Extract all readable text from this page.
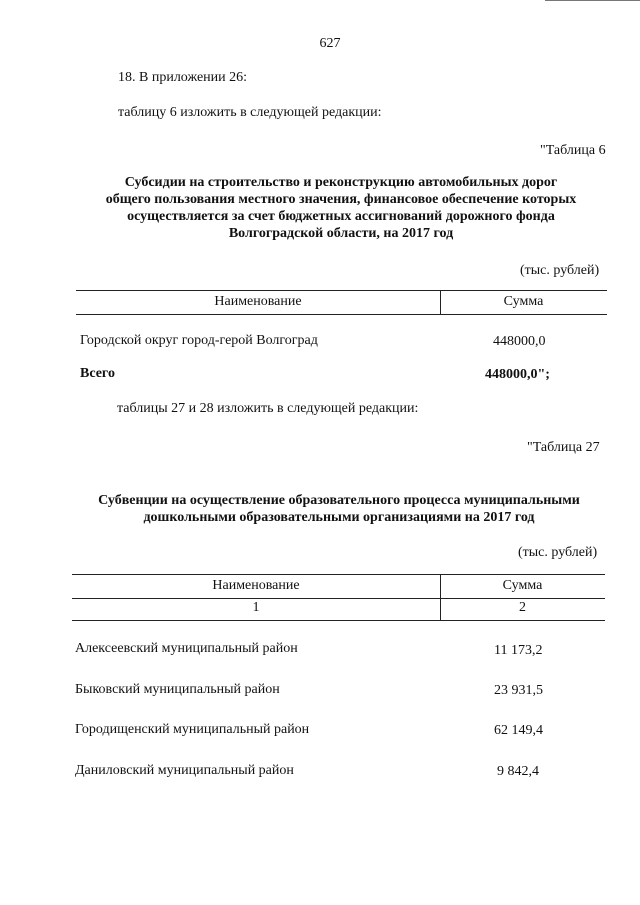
627
18. В приложении 26:
таблицу 6 изложить в следующей редакции:
"Таблица 6
Субсидии на строительство и реконструкцию автомобильных дорог
общего пользования местного значения, финансовое обеспечение которых
осуществляется за счет бюджетных ассигнований дорожного фонда
Волгоградской области, на 2017 год
(тыс. рублей)
Наименование	Сумма
Городской округ город-герой Волгоград	448000,0
Всего	448000,0";
таблицы 27 и 28 изложить в следующей редакции:
"Таблица 27
Субвенции на осуществление образовательного процесса муниципальными
дошкольными образовательными организациями на 2017 год
(тыс. рублей)
Наименование	Сумма
1	2
Алексеевский муниципальный район	11 173,2
Быковский муниципальный район	23 931,5
Городищенский муниципальный район	62 149,4
Даниловский муниципальный район	9 842,4
